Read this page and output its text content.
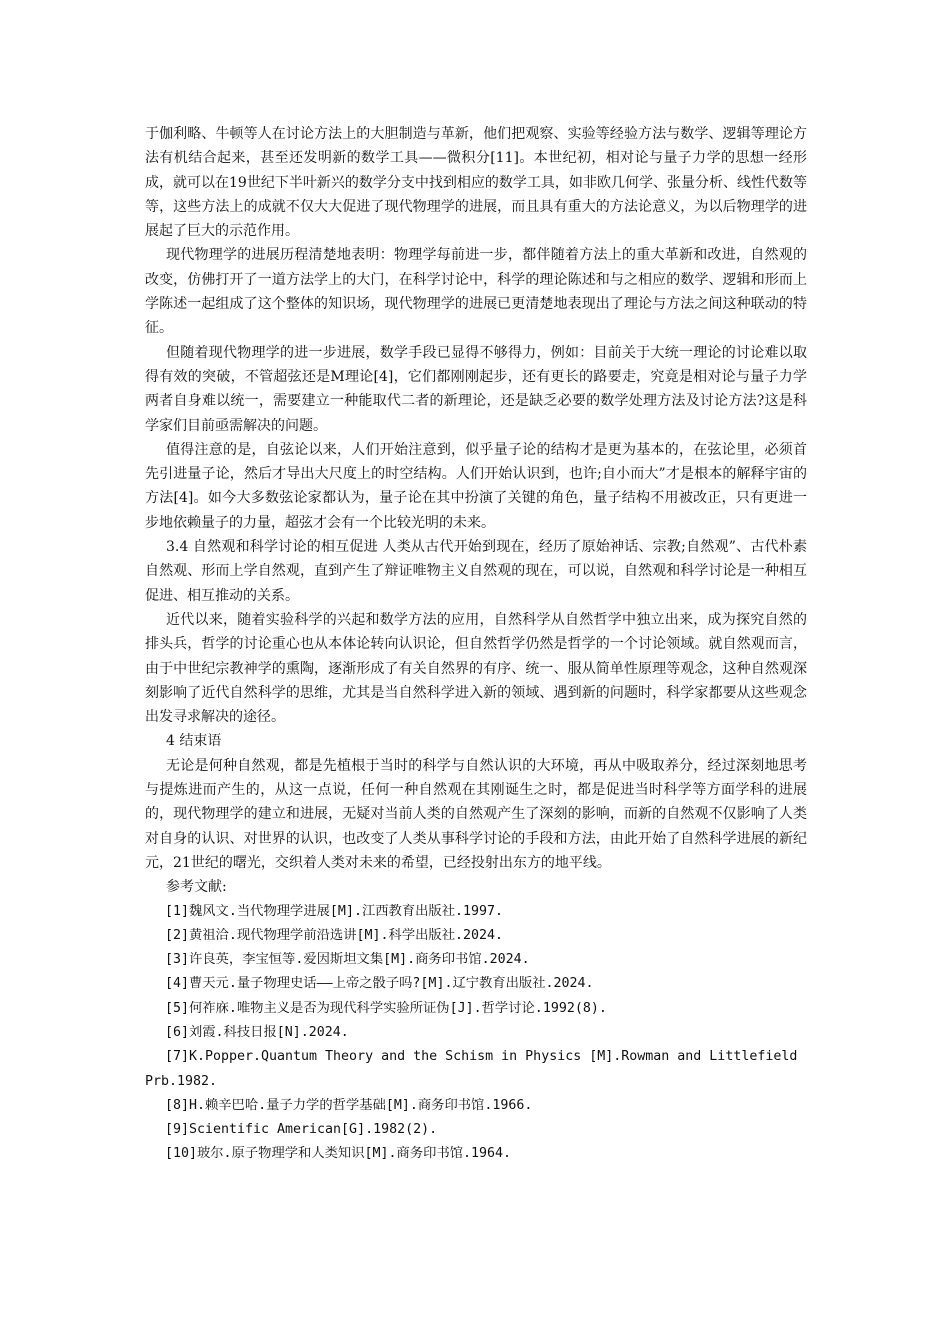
于伽利略、牛顿等人在讨论方法上的大胆制造与革新，他们把观察、实验等经验方法与数学、逻辑等理论方法有机结合起来，甚至还发明新的数学工具——微积分[11]。本世纪初，相对论与量子力学的思想一经形成，就可以在19世纪下半叶新兴的数学分支中找到相应的数学工具，如非欧几何学、张量分析、线性代数等等，这些方法上的成就不仅大大促进了现代物理学的进展，而且具有重大的方法论意义，为以后物理学的进展起了巨大的示范作用。

现代物理学的进展历程清楚地表明：物理学每前进一步，都伴随着方法上的重大革新和改进，自然观的改变，仿佛打开了一道方法学上的大门，在科学讨论中，科学的理论陈述和与之相应的数学、逻辑和形而上学陈述一起组成了这个整体的知识场，现代物理学的进展已更清楚地表现出了理论与方法之间这种联动的特征。

但随着现代物理学的进一步进展，数学手段已显得不够得力，例如：目前关于大统一理论的讨论难以取得有效的突破，不管超弦还是M理论[4]，它们都刚刚起步，还有更长的路要走，究竟是相对论与量子力学两者自身难以统一，需要建立一种能取代二者的新理论，还是缺乏必要的数学处理方法及讨论方法?这是科学家们目前亟需解决的问题。

值得注意的是，自弦论以来，人们开始注意到，似乎量子论的结构才是更为基本的，在弦论里，必须首先引进量子论，然后才导出大尺度上的时空结构。人们开始认识到，也许;自小而大”才是根本的解释宇宙的方法[4]。如今大多数弦论家都认为，量子论在其中扮演了关键的角色，量子结构不用被改正，只有更进一步地依赖量子的力量，超弦才会有一个比较光明的未来。

3.4 自然观和科学讨论的相互促进 人类从古代开始到现在，经历了原始神话、宗教;自然观”、古代朴素自然观、形而上学自然观，直到产生了辩证唯物主义自然观的现在，可以说，自然观和科学讨论是一种相互促进、相互推动的关系。

近代以来，随着实验科学的兴起和数学方法的应用，自然科学从自然哲学中独立出来，成为探究自然的排头兵，哲学的讨论重心也从本体论转向认识论，但自然哲学仍然是哲学的一个讨论领域。就自然观而言，由于中世纪宗教神学的熏陶，逐渐形成了有关自然界的有序、统一、服从简单性原理等观念，这种自然观深刻影响了近代自然科学的思维，尤其是当自然科学进入新的领域、遇到新的问题时，科学家都要从这些观念出发寻求解决的途径。

4 结束语

无论是何种自然观，都是先植根于当时的科学与自然认识的大环境，再从中吸取养分，经过深刻地思考与提炼进而产生的，从这一点说，任何一种自然观在其刚诞生之时，都是促进当时科学等方面学科的进展的，现代物理学的建立和进展，无疑对当前人类的自然观产生了深刻的影响，而新的自然观不仅影响了人类对自身的认识、对世界的认识，也改变了人类从事科学讨论的手段和方法，由此开始了自然科学进展的新纪元，21世纪的曙光，交织着人类对未来的希望，已经投射出东方的地平线。

参考文献:

[1]魏风文.当代物理学进展[M].江西教育出版社.1997.

[2]黄祖洽.现代物理学前沿选讲[M].科学出版社.2024.

[3]许良英，李宝恒等.爱因斯坦文集[M].商务印书馆.2024.

[4]曹天元.量子物理史话——上帝之骰子吗?[M].辽宁教育出版社.2024.

[5]何祚庥.唯物主义是否为现代科学实验所证伪[J].哲学讨论.1992(8).

[6]刘霞.科技日报[N].2024.

[7]K.Popper.Quantum Theory and the Schism in Physics [M].Rowman and Littlefield Prb.1982.

[8]H.赖辛巴哈.量子力学的哲学基础[M].商务印书馆.1966.

[9]Scientific American[G].1982(2).

[10]玻尔.原子物理学和人类知识[M].商务印书馆.1964.
